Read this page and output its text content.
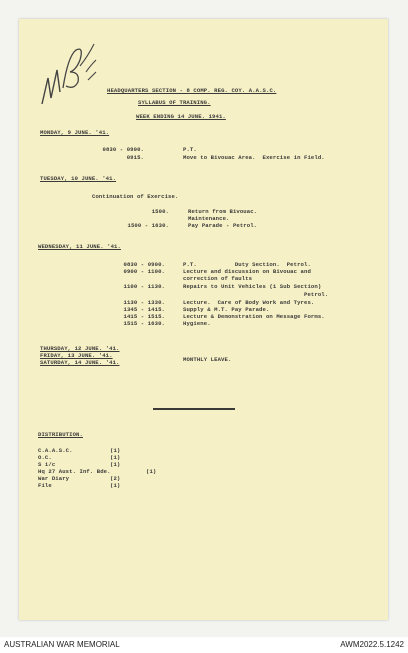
HEADQUARTERS SECTION - 8 COMP. REG. COY. A.A.S.C.
SYLLABUS OF TRAINING.
WEEK ENDING 14 JUNE. 1941.
MONDAY, 9 JUNE. '41.
0830 - 0900.	P.T.
0915.	Move to Bivouac Area.  Exercise in Field.
TUESDAY, 10 JUNE. '41.
Continuation of Exercise.
1500.	Return from Bivouac.
Maintenance.
1500 - 1630.	Pay Parade - Petrol.
WEDNESDAY, 11 JUNE. '41.
0830 - 0900.	P.T.           Duty Section.  Petrol.
0900 - 1100.	Lecture and discussion on Bivouac and
correction of faults
1100 - 1130.	Repairs to Unit Vehicles (1 Sub Section)
Petrol.
1130 - 1330.	Lecture.  Care of Body Work and Tyres.
1345 - 1415.	Supply & M.T. Pay Parade.
1415 - 1515.	Lecture & Demonstration on Message Forms.
1515 - 1630.	Hygiene.
THURSDAY, 12 JUNE. '41.
FRIDAY, 13 JUNE. '41.
SATURDAY, 14 JUNE. '41.	MONTHLY LEAVE.
DISTRIBUTION.
C.A.A.S.C.	(1)
O.C.	(1)
S i/c	(1)
Hq 27 Aust. Inf. Bde.	(1)
War Diary	(2)
File	(1)
AUSTRALIAN WAR MEMORIAL	AWM2022.5.1242
